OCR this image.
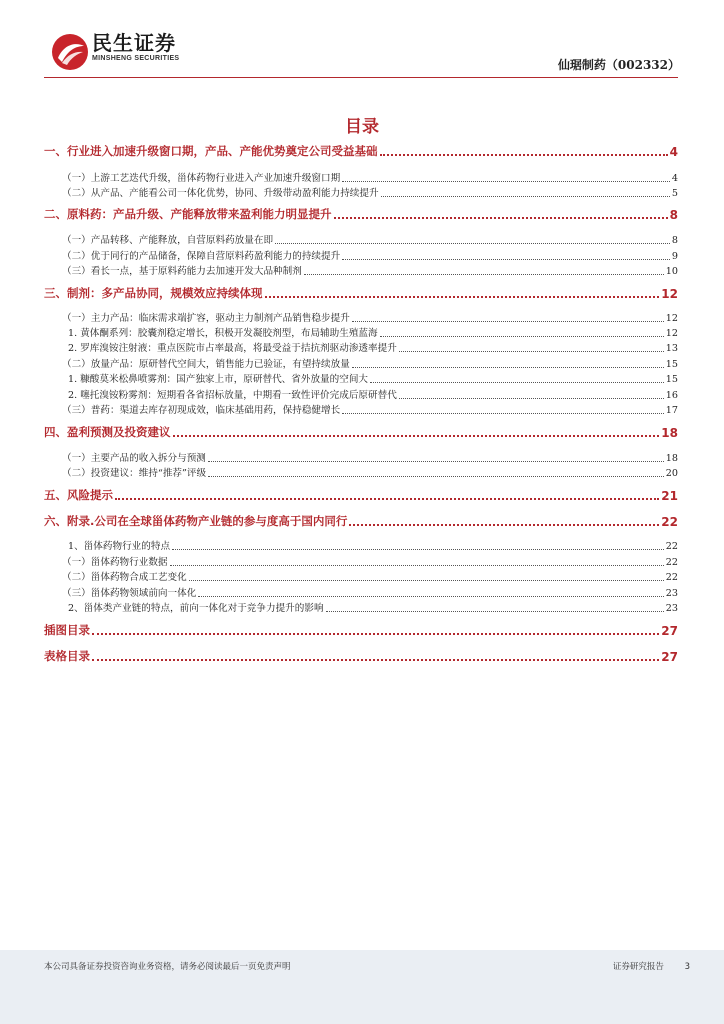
民生证券
MINSHENG SECURITIES	仙琚制药（002332）
目录
一、行业进入加速升级窗口期，产品、产能优势奠定公司受益基础	4
（一）上游工艺迭代升级，甾体药物行业进入产业加速升级窗口期	4
（二）从产品、产能看公司一体化优势，协同、升级带动盈利能力持续提升	5
二、原料药：产品升级、产能释放带来盈利能力明显提升	8
（一）产品转移、产能释放，自营原料药放量在即	8
（二）优于同行的产品储备，保障自营原料药盈利能力的持续提升	9
（三）看长一点，基于原料药能力去加速开发大品种制剂	10
三、制剂：多产品协同，规模效应持续体现	12
（一）主力产品：临床需求端扩容，驱动主力制剂产品销售稳步提升	12
1. 黄体酮系列：胶囊剂稳定增长，积极开发凝胶剂型，布局辅助生殖蓝海	12
2. 罗库溴铵注射液：重点医院市占率最高，将最受益于拮抗剂驱动渗透率提升	13
（二）放量产品：原研替代空间大，销售能力已验证，有望持续放量	15
1. 糠酸莫米松鼻喷雾剂：国产独家上市，原研替代、省外放量的空间大	15
2. 噻托溴铵粉雾剂：短期看各省招标放量，中期看一致性评价完成后原研替代	16
（三）普药：渠道去库存初现成效，临床基础用药，保持稳健增长	17
四、盈利预测及投资建议	18
（一）主要产品的收入拆分与预测	18
（二）投资建议：维持“推荐”评级	20
五、风险提示	21
六、附录.公司在全球甾体药物产业链的参与度高于国内同行	22
1、甾体药物行业的特点	22
（一）甾体药物行业数据	22
（二）甾体药物合成工艺变化	22
（三）甾体药物领域前向一体化	23
2、甾体类产业链的特点，前向一体化对于竞争力提升的影响	23
插图目录	27
表格目录	27
本公司具备证券投资咨询业务资格，请务必阅读最后一页免责声明	证券研究报告 3
